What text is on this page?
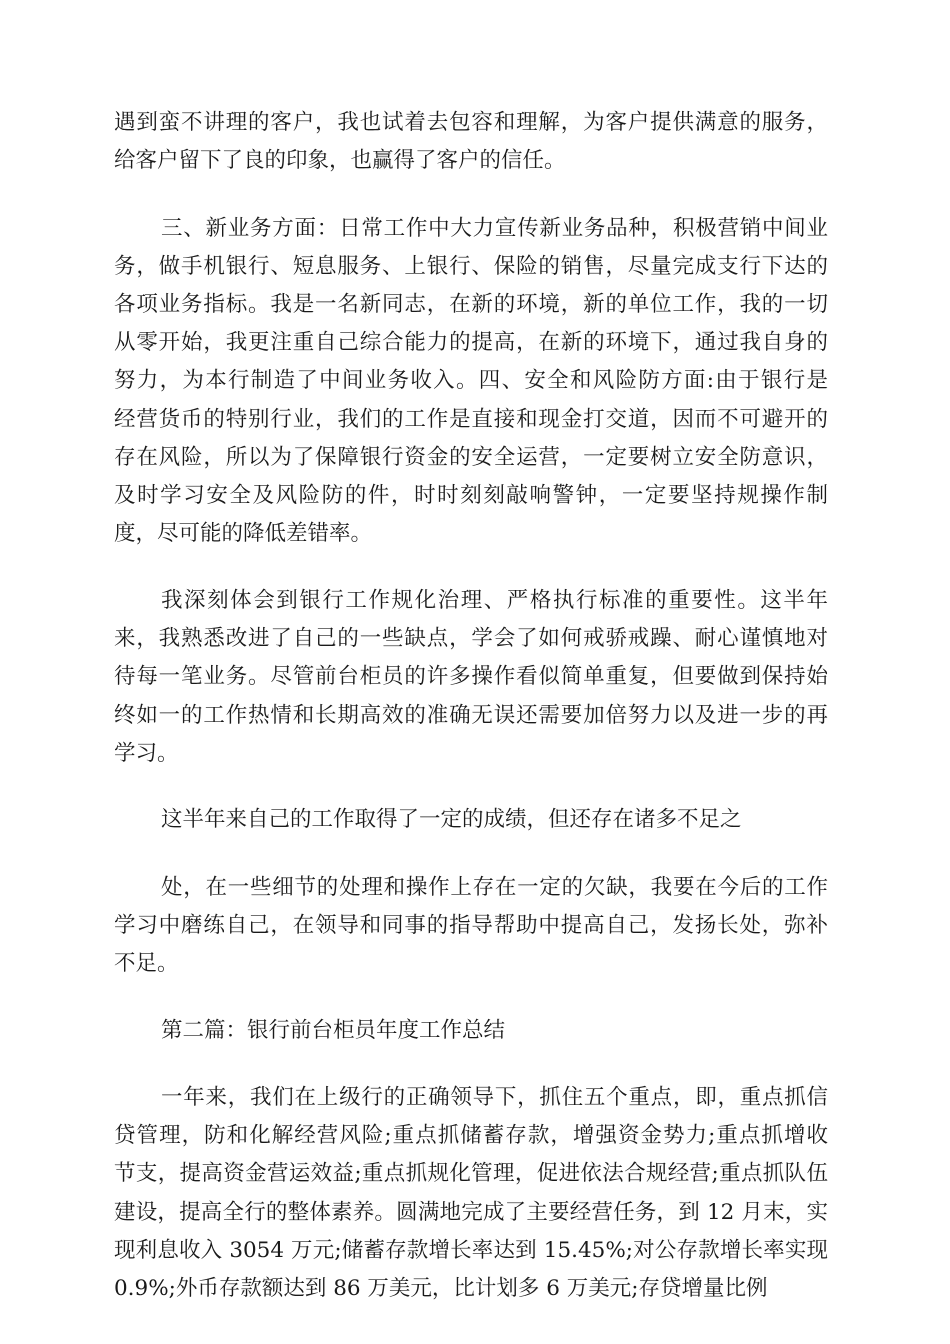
遇到蛮不讲理的客户，我也试着去包容和理解，为客户提供满意的服务，
给客户留下了良的印象，也赢得了客户的信任。
三、新业务方面：日常工作中大力宣传新业务品种，积极营销中间业
务，做手机银行、短息服务、上银行、保险的销售，尽量完成支行下达的
各项业务指标。我是一名新同志，在新的环境，新的单位工作，我的一切
从零开始，我更注重自己综合能力的提高，在新的环境下，通过我自身的
努力，为本行制造了中间业务收入。四、安全和风险防方面:由于银行是
经营货币的特别行业，我们的工作是直接和现金打交道，因而不可避开的
存在风险，所以为了保障银行资金的安全运营，一定要树立安全防意识，
及时学习安全及风险防的件，时时刻刻敲响警钟，一定要坚持规操作制
度，尽可能的降低差错率。
我深刻体会到银行工作规化治理、严格执行标准的重要性。这半年
来，我熟悉改进了自己的一些缺点，学会了如何戒骄戒躁、耐心谨慎地对
待每一笔业务。尽管前台柜员的许多操作看似简单重复，但要做到保持始
终如一的工作热情和长期高效的准确无误还需要加倍努力以及进一步的再
学习。
这半年来自己的工作取得了一定的成绩，但还存在诸多不足之
处，在一些细节的处理和操作上存在一定的欠缺，我要在今后的工作
学习中磨练自己，在领导和同事的指导帮助中提高自己，发扬长处，弥补
不足。
第二篇：银行前台柜员年度工作总结
一年来，我们在上级行的正确领导下，抓住五个重点，即，重点抓信
贷管理，防和化解经营风险;重点抓储蓄存款，增强资金势力;重点抓增收
节支，提高资金营运效益;重点抓规化管理，促进依法合规经营;重点抓队伍
建设，提高全行的整体素养。圆满地完成了主要经营任务，到 12 月末，实
现利息收入 3054 万元;储蓄存款增长率达到 15.45%;对公存款增长率实现
0.9%;外币存款额达到 86 万美元，比计划多 6 万美元;存贷增量比例
